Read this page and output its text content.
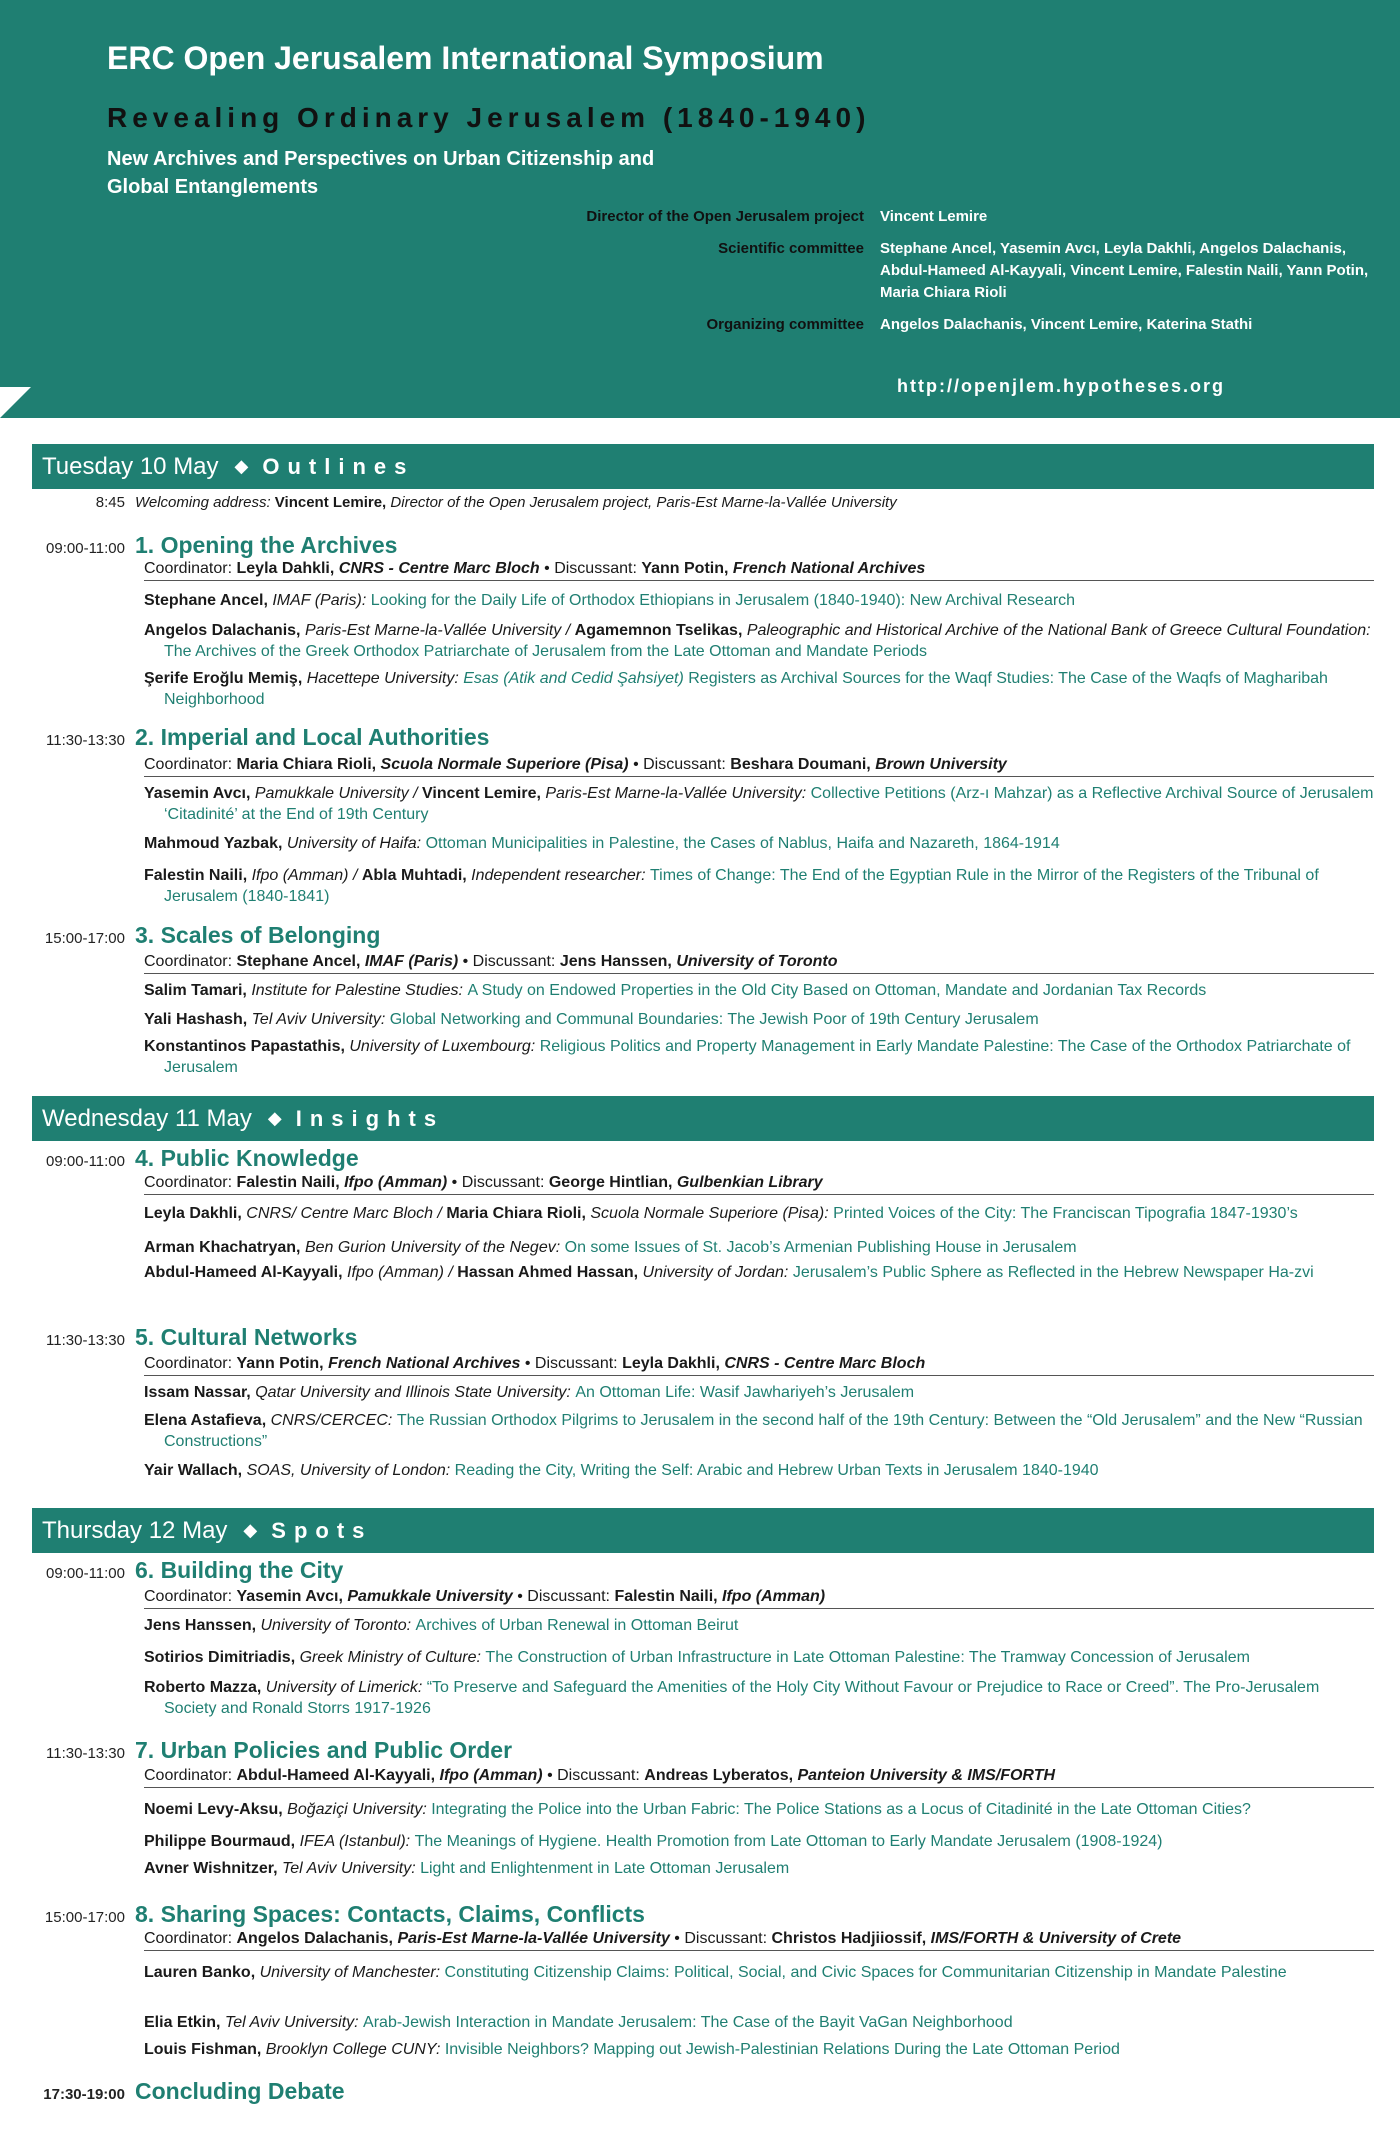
ERC Open Jerusalem International Symposium
Revealing Ordinary Jerusalem (1840-1940)
New Archives and Perspectives on Urban Citizenship and Global Entanglements
Director of the Open Jerusalem project	Vincent Lemire
Scientific committee	Stephane Ancel, Yasemin Avcı, Leyla Dakhli, Angelos Dalachanis, Abdul-Hameed Al-Kayyali, Vincent Lemire, Falestin Naili, Yann Potin, Maria Chiara Rioli
Organizing committee	Angelos Dalachanis, Vincent Lemire, Katerina Stathi
http://openjlem.hypotheses.org
Tuesday 10 May ◆ Outlines
Wednesday 11 May ◆ Insights
Thursday 12 May ◆ Spots
8:45 Welcoming address: Vincent Lemire, Director of the Open Jerusalem project, Paris-Est Marne-la-Vallée University
09:00-11:00 1. Opening the Archives
Coordinator: Leyla Dahkli, CNRS - Centre Marc Bloch • Discussant: Yann Potin, French National Archives
Stephane Ancel, IMAF (Paris): Looking for the Daily Life of Orthodox Ethiopians in Jerusalem (1840-1940): New Archival Research
Angelos Dalachanis, Paris-Est Marne-la-Vallée University / Agamemnon Tselikas, Paleographic and Historical Archive of the National Bank of Greece Cultural Foundation: The Archives of the Greek Orthodox Patriarchate of Jerusalem from the Late Ottoman and Mandate Periods
Şerife Eroğlu Memiş, Hacettepe University: Esas (Atik and Cedid Şahsiyet) Registers as Archival Sources for the Waqf Studies: The Case of the Waqfs of Magharibah Neighborhood
11:30-13:30 2. Imperial and Local Authorities
Coordinator: Maria Chiara Rioli, Scuola Normale Superiore (Pisa) • Discussant: Beshara Doumani, Brown University
Yasemin Avcı, Pamukkale University / Vincent Lemire, Paris-Est Marne-la-Vallée University: Collective Petitions (Arz-ı Mahzar) as a Reflective Archival Source of Jerusalem ‘Citadinité’ at the End of 19th Century
Mahmoud Yazbak, University of Haifa: Ottoman Municipalities in Palestine, the Cases of Nablus, Haifa and Nazareth, 1864-1914
Falestin Naili, Ifpo (Amman) / Abla Muhtadi, Independent researcher: Times of Change: The End of the Egyptian Rule in the Mirror of the Registers of the Tribunal of Jerusalem (1840-1841)
15:00-17:00 3. Scales of Belonging
Coordinator: Stephane Ancel, IMAF (Paris) • Discussant: Jens Hanssen, University of Toronto
Salim Tamari, Institute for Palestine Studies: A Study on Endowed Properties in the Old City Based on Ottoman, Mandate and Jordanian Tax Records
Yali Hashash, Tel Aviv University: Global Networking and Communal Boundaries: The Jewish Poor of 19th Century Jerusalem
Konstantinos Papastathis, University of Luxembourg: Religious Politics and Property Management in Early Mandate Palestine: The Case of the Orthodox Patriarchate of Jerusalem
09:00-11:00 4. Public Knowledge
Coordinator: Falestin Naili, Ifpo (Amman) • Discussant: George Hintlian, Gulbenkian Library
Leyla Dakhli, CNRS/ Centre Marc Bloch / Maria Chiara Rioli, Scuola Normale Superiore (Pisa): Printed Voices of the City: The Franciscan Tipografia 1847-1930’s
Arman Khachatryan, Ben Gurion University of the Negev: On some Issues of St. Jacob’s Armenian Publishing House in Jerusalem
Abdul-Hameed Al-Kayyali, Ifpo (Amman) / Hassan Ahmed Hassan, University of Jordan: Jerusalem’s Public Sphere as Reflected in the Hebrew Newspaper Ha-zvi
11:30-13:30 5. Cultural Networks
Coordinator: Yann Potin, French National Archives • Discussant: Leyla Dakhli, CNRS - Centre Marc Bloch
Issam Nassar, Qatar University and Illinois State University: An Ottoman Life: Wasif Jawhariyeh’s Jerusalem
Elena Astafieva, CNRS/CERCEC: The Russian Orthodox Pilgrims to Jerusalem in the second half of the 19th Century: Between the “Old Jerusalem” and the New “Russian Constructions”
Yair Wallach, SOAS, University of London: Reading the City, Writing the Self: Arabic and Hebrew Urban Texts in Jerusalem 1840-1940
09:00-11:00 6. Building the City
Coordinator: Yasemin Avcı, Pamukkale University • Discussant: Falestin Naili, Ifpo (Amman)
Jens Hanssen, University of Toronto: Archives of Urban Renewal in Ottoman Beirut
Sotirios Dimitriadis, Greek Ministry of Culture: The Construction of Urban Infrastructure in Late Ottoman Palestine: The Tramway Concession of Jerusalem
Roberto Mazza, University of Limerick: “To Preserve and Safeguard the Amenities of the Holy City Without Favour or Prejudice to Race or Creed”. The Pro-Jerusalem Society and Ronald Storrs 1917-1926
11:30-13:30 7. Urban Policies and Public Order
Coordinator: Abdul-Hameed Al-Kayyali, Ifpo (Amman) • Discussant: Andreas Lyberatos, Panteion University & IMS/FORTH
Noemi Levy-Aksu, Boğaziçi University: Integrating the Police into the Urban Fabric: The Police Stations as a Locus of Citadinité in the Late Ottoman Cities?
Philippe Bourmaud, IFEA (Istanbul): The Meanings of Hygiene. Health Promotion from Late Ottoman to Early Mandate Jerusalem (1908-1924)
Avner Wishnitzer, Tel Aviv University: Light and Enlightenment in Late Ottoman Jerusalem
15:00-17:00 8. Sharing Spaces: Contacts, Claims, Conflicts
Coordinator: Angelos Dalachanis, Paris-Est Marne-la-Vallée University • Discussant: Christos Hadjiiossif, IMS/FORTH & University of Crete
Lauren Banko, University of Manchester: Constituting Citizenship Claims: Political, Social, and Civic Spaces for Communitarian Citizenship in Mandate Palestine
Elia Etkin, Tel Aviv University: Arab-Jewish Interaction in Mandate Jerusalem: The Case of the Bayit VaGan Neighborhood
Louis Fishman, Brooklyn College CUNY: Invisible Neighbors? Mapping out Jewish-Palestinian Relations During the Late Ottoman Period
17:30-19:00 Concluding Debate
